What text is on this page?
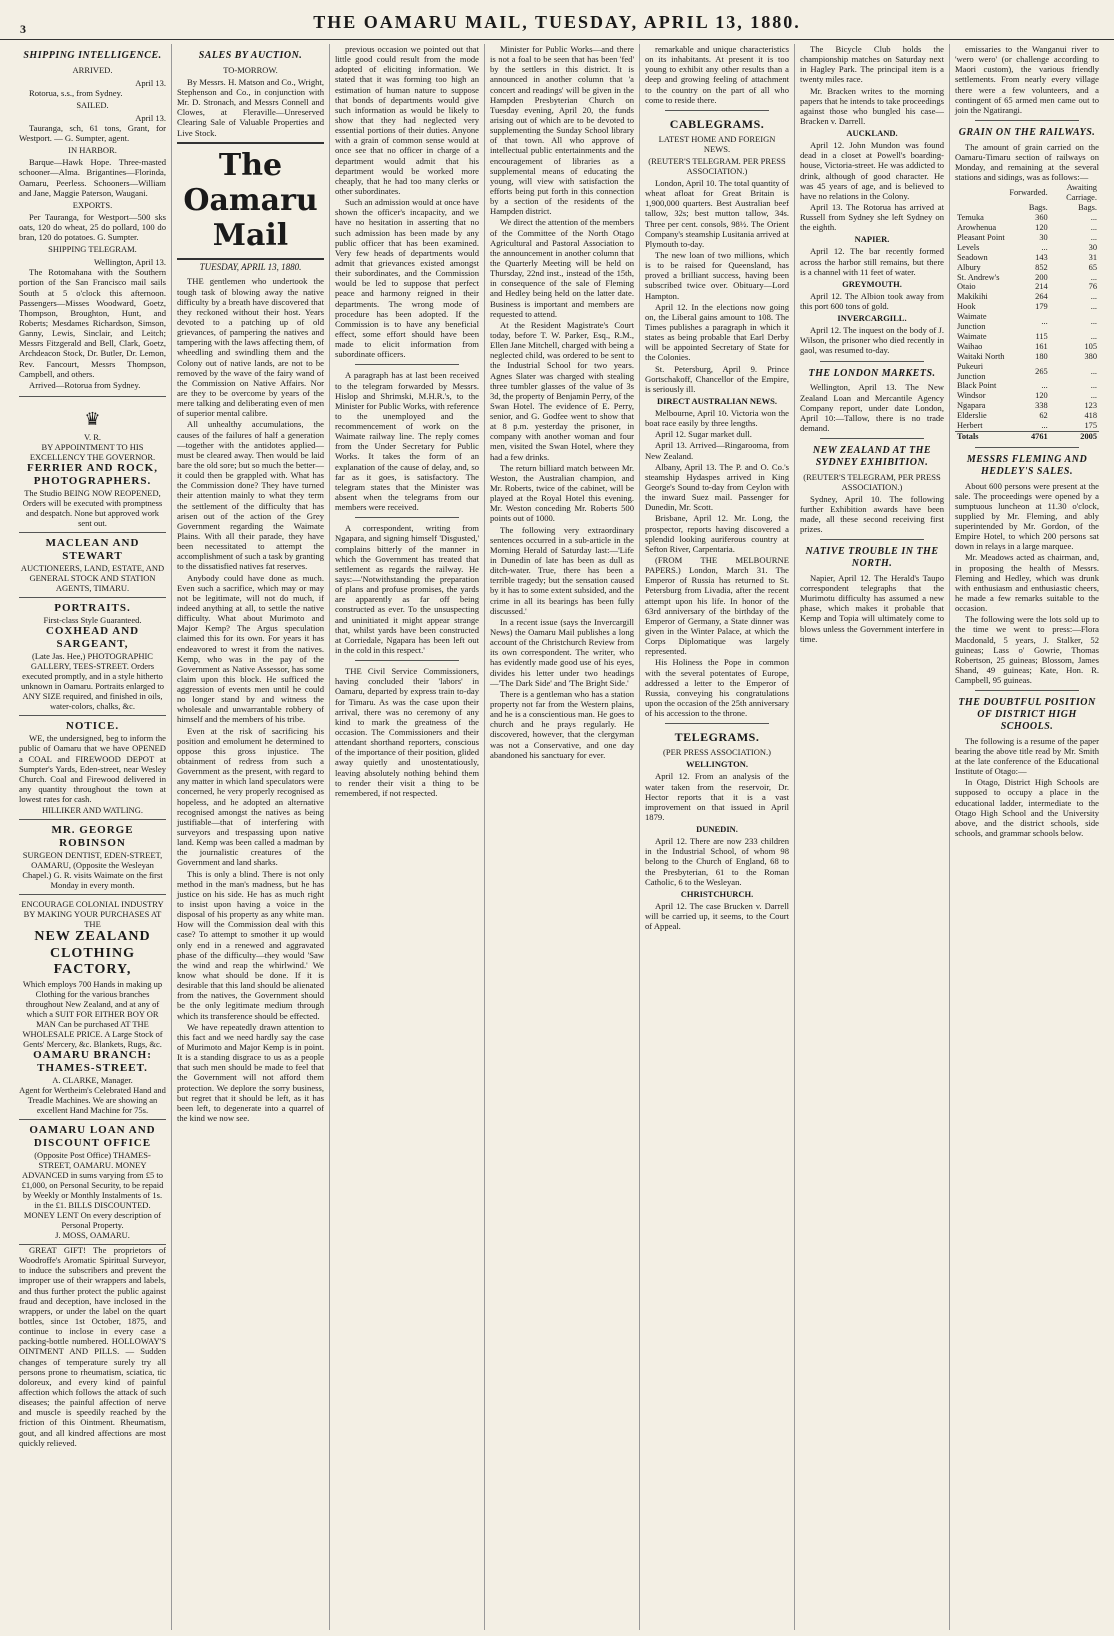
3	THE OAMARU MAIL, TUESDAY, APRIL 13, 1880.
SHIPPING INTELLIGENCE.
ARRIVED.
April 13.

Rotorua, s.s., from Sydney.

SAILED.
April 13.

Tauranga, sch, 61 tons, Grant, for Westport. — G. Sumpter, agent.

IN HARBOR.

Barque—Hawk Hope. Three-masted schooner—Alma. Brigantines—Florinda, Oamaru, Peerless. Schooners—William and Jane, Maggie Paterson, Waugani.

EXPORTS.

Per Tauranga, for Westport—500 sks oats, 120 do wheat, 25 do pollard, 100 do bran, 120 do potatoes. G. Sumpter.

SHIPPING TELEGRAM.
Wellington, April 13.

The Rotomahana with the Southern portion of the San Francisco mail sails South at 5 o'clock this afternoon. Passengers—Misses Woodward, Goetz, Thompson, Broughton, Hunt, and Roberts; Mesdames Richardson, Simson, Ganny, Lewis, Sinclair, and Leitch; Messrs Fitzgerald and Bell, Clark, Goetz, Archdeacon Stock, Dr. Butler, Dr. Lemon, Rev. Fancourt, Messrs Thompson, Campbell, and others.

Arrived—Rotorua from Sydney.

♛
V. R.
BY APPOINTMENT TO HIS EXCELLENCY THE GOVERNOR.
FERRIER AND ROCK, PHOTOGRAPHERS.
The Studio BEING NOW REOPENED, Orders will be executed with promptness and despatch. None but approved work sent out.
MACLEAN AND STEWART
AUCTIONEERS, LAND, ESTATE, AND GENERAL STOCK AND STATION AGENTS, TIMARU.
PORTRAITS.
First-class Style Guaranteed.
COXHEAD AND SARGEANT,
(Late Jas. Hee,) PHOTOGRAPHIC GALLERY, TEES-STREET. Orders executed promptly, and in a style hitherto unknown in Oamaru. Portraits enlarged to ANY SIZE required, and finished in oils, water-colors, chalks, &c.
NOTICE.

WE, the undersigned, beg to inform the public of Oamaru that we have OPENED a COAL and FIREWOOD DEPOT at Sumpter's Yards, Eden-street, near Wesley Church. Coal and Firewood delivered in any quantity throughout the town at lowest rates for cash.

HILLIKER AND WATLING.
MR. GEORGE ROBINSON
SURGEON DENTIST, EDEN-STREET, OAMARU, (Opposite the Wesleyan Chapel.) G. R. visits Waimate on the first Monday in every month.
ENCOURAGE COLONIAL INDUSTRY BY MAKING YOUR PURCHASES AT THE
NEW ZEALAND CLOTHING FACTORY,
Which employs 700 Hands in making up Clothing for the various branches throughout New Zealand, and at any of which a SUIT FOR EITHER BOY OR MAN Can be purchased AT THE WHOLESALE PRICE. A Large Stock of Gents' Mercery, &c. Blankets, Rugs, &c.
OAMARU BRANCH: THAMES-STREET.
A. CLARKE, Manager.
Agent for Wertheim's Celebrated Hand and Treadle Machines. We are showing an excellent Hand Machine for 75s.
OAMARU LOAN AND DISCOUNT OFFICE
(Opposite Post Office) THAMES-STREET, OAMARU. MONEY ADVANCED in sums varying from £5 to £1,000, on Personal Security, to be repaid by Weekly or Monthly Instalments of 1s. in the £1. BILLS DISCOUNTED. MONEY LENT On every description of Personal Property.
J. MOSS, OAMARU.

GREAT GIFT! The proprietors of Woodroffe's Aromatic Spiritual Surveyor, to induce the subscribers and prevent the improper use of their wrappers and labels, and thus further protect the public against fraud and deception, have inclosed in the wrappers, or under the label on the quart bottles, since 1st October, 1875, and continue to inclose in every case a packing-bottle numbered. HOLLOWAY'S OINTMENT AND PILLS. — Sudden changes of temperature surely try all persons prone to rheumatism, sciatica, tic doloreux, and every kind of painful affection which follows the attack of such diseases; the painful affection of nerve and muscle is speedily reached by the friction of this Ointment. Rheumatism, gout, and all kindred affections are most quickly relieved.

SALES BY AUCTION.
TO-MORROW.

By Messrs. H. Matson and Co., Wright, Stephenson and Co., in conjunction with Mr. D. Stronach, and Messrs Connell and Clowes, at Fleraville—Unreserved Clearing Sale of Valuable Properties and Live Stock.

The Oamaru Mail
TUESDAY, APRIL 13, 1880.

THE gentlemen who undertook the tough task of blowing away the native difficulty by a breath have discovered that they reckoned without their host. Years devoted to a patching up of old grievances, of pampering the natives and tampering with the laws affecting them, of wheedling and swindling them and the Colony out of native lands, are not to be removed by the wave of the fairy wand of the Commission on Native Affairs. Nor are they to be overcome by years of the mere talking and deliberating even of men of superior mental calibre.

All unhealthy accumulations, the causes of the failures of half a generation—together with the antidotes applied—must be cleared away. Then would be laid bare the old sore; but so much the better—it could then be grappled with. What has the Commission done? They have turned their attention mainly to what they term the settlement of the difficulty that has arisen out of the action of the Grey Government regarding the Waimate Plains. With all their parade, they have been necessitated to attempt the accomplishment of such a task by granting to the dissatisfied natives fat reserves.

Anybody could have done as much. Even such a sacrifice, which may or may not be legitimate, will not do much, if indeed anything at all, to settle the native difficulty. What about Murimoto and Major Kemp? The Argus speculation claimed this for its own. For years it has endeavored to wrest it from the natives. Kemp, who was in the pay of the Government as Native Assessor, has some claim upon this block. He sufficed the aggression of events men until he could no longer stand by and witness the wholesale and unwarrantable robbery of himself and the members of his tribe.

Even at the risk of sacrificing his position and emolument he determined to oppose this gross injustice. The obtainment of redress from such a Government as the present, with regard to any matter in which land speculators were concerned, he very properly recognised as hopeless, and he adopted an alternative recognised amongst the natives as being justifiable—that of interfering with surveyors and trespassing upon native land. Kemp was been called a madman by the journalistic creatures of the Government and land sharks.

This is only a blind. There is not only method in the man's madness, but he has justice on his side. He has as much right to insist upon having a voice in the disposal of his property as any white man. How will the Commission deal with this case? To attempt to smother it up would only end in a renewed and aggravated phase of the difficulty—they would 'Saw the wind and reap the whirlwind.' We know what should be done. If it is desirable that this land should be alienated from the natives, the Government should be the only legitimate medium through which its transference should be effected.

We have repeatedly drawn attention to this fact and we need hardly say the case of Murimoto and Major Kemp is in point. It is a standing disgrace to us as a people that such men should be made to feel that the Government will not afford them protection. We deplore the sorry business, but regret that it should be left, as it has been left, to degenerate into a quarrel of the kind we now see.

previous occasion we pointed out that little good could result from the mode adopted of eliciting information. We stated that it was forming too high an estimation of human nature to suppose that bonds of departments would give such information as would be likely to show that they had neglected very essential portions of their duties. Anyone with a grain of common sense would at once see that no officer in charge of a department would admit that his department would be worked more cheaply, that he had too many clerks or other subordinates.

Such an admission would at once have shown the officer's incapacity, and we have no hesitation in asserting that no such admission has been made by any public officer that has been examined. Very few heads of departments would admit that grievances existed amongst their subordinates, and the Commission would be led to suppose that perfect peace and harmony reigned in their departments. The wrong mode of procedure has been adopted. If the Commission is to have any beneficial effect, some effort should have been made to elicit information from subordinate officers.

A paragraph has at last been received to the telegram forwarded by Messrs. Hislop and Shrimski, M.H.R.'s, to the Minister for Public Works, with reference to the unemployed and the recommencement of work on the Waimate railway line. The reply comes from the Under Secretary for Public Works. It takes the form of an explanation of the cause of delay, and, so far as it goes, is satisfactory. The telegram states that the Minister was absent when the telegrams from our members were received.

A correspondent, writing from Ngapara, and signing himself 'Disgusted,' complains bitterly of the manner in which the Government has treated that settlement as regards the railway. He says:—'Notwithstanding the preparation of plans and profuse promises, the yards are apparently as far off being constructed as ever. To the unsuspecting and uninitiated it might appear strange that, whilst yards have been constructed at Corriedale, Ngapara has been left out in the cold in this respect.'

THE Civil Service Commissioners, having concluded their 'labors' in Oamaru, departed by express train to-day for Timaru. As was the case upon their arrival, there was no ceremony of any kind to mark the greatness of the occasion. The Commissioners and their attendant shorthand reporters, conscious of the importance of their position, glided away quietly and unostentatiously, leaving absolutely nothing behind them to render their visit a thing to be remembered, if not respected.

Minister for Public Works—and there is not a foal to be seen that has been 'fed' by the settlers in this district. It is announced in another column that 'a concert and readings' will be given in the Hampden Presbyterian Church on Tuesday evening, April 20, the funds arising out of which are to be devoted to supplementing the Sunday School library of that town. All who approve of intellectual public entertainments and the encouragement of libraries as a supplemental means of educating the young, will view with satisfaction the efforts being put forth in this connection by a section of the residents of the Hampden district.

We direct the attention of the members of the Committee of the North Otago Agricultural and Pastoral Association to the announcement in another column that the Quarterly Meeting will be held on Thursday, 22nd inst., instead of the 15th, in consequence of the sale of Fleming and Hedley being held on the latter date. Business is important and members are requested to attend.

At the Resident Magistrate's Court today, before T. W. Parker, Esq., R.M., Ellen Jane Mitchell, charged with being a neglected child, was ordered to be sent to the Industrial School for two years. Agnes Slater was charged with stealing three tumbler glasses of the value of 3s 3d, the property of Benjamin Perry, of the Swan Hotel. The evidence of E. Perry, senior, and G. Godfee went to show that at 8 p.m. yesterday the prisoner, in company with another woman and four men, visited the Swan Hotel, where they had a few drinks.

The return billiard match between Mr. Weston, the Australian champion, and Mr. Roberts, twice of the cabinet, will be played at the Royal Hotel this evening. Mr. Weston conceding Mr. Roberts 500 points out of 1000.

The following very extraordinary sentences occurred in a sub-article in the Morning Herald of Saturday last:—'Life in Dunedin of late has been as dull as ditch-water. True, there has been a terrible tragedy; but the sensation caused by it has to some extent subsided, and the crime in all its bearings has been fully discussed.'

In a recent issue (says the Invercargill News) the Oamaru Mail publishes a long account of the Christchurch Review from its own correspondent. The writer, who has evidently made good use of his eyes, divides his letter under two headings—'The Dark Side' and 'The Bright Side.'

There is a gentleman who has a station property not far from the Western plains, and he is a conscientious man. He goes to church and he prays regularly. He discovered, however, that the clergyman was not a Conservative, and one day abandoned his sanctuary for ever.

remarkable and unique characteristics on its inhabitants. At present it is too young to exhibit any other results than a deep and growing feeling of attachment to the country on the part of all who come to reside there.

CABLEGRAMS.
LATEST HOME AND FOREIGN NEWS.
(REUTER'S TELEGRAM. PER PRESS ASSOCIATION.)

London, April 10. The total quantity of wheat afloat for Great Britain is 1,900,000 quarters. Best Australian beef tallow, 32s; best mutton tallow, 34s. Three per cent. consols, 98½. The Orient Company's steamship Lusitania arrived at Plymouth to-day.

The new loan of two millions, which is to be raised for Queensland, has proved a brilliant success, having been subscribed twice over. Obituary—Lord Hampton.

April 12. In the elections now going on, the Liberal gains amount to 108. The Times publishes a paragraph in which it states as being probable that Earl Derby will be appointed Secretary of State for the Colonies.

St. Petersburg, April 9. Prince Gortschakoff, Chancellor of the Empire, is seriously ill.

DIRECT AUSTRALIAN NEWS.

Melbourne, April 10. Victoria won the boat race easily by three lengths.

April 12. Sugar market dull.

April 13. Arrived—Ringarooma, from New Zealand.

Albany, April 13. The P. and O. Co.'s steamship Hydaspes arrived in King George's Sound to-day from Ceylon with the inward Suez mail. Passenger for Dunedin, Mr. Scott.

Brisbane, April 12. Mr. Long, the prospector, reports having discovered a splendid looking auriferous country at Sefton River, Carpentaria.

(FROM THE MELBOURNE PAPERS.) London, March 31. The Emperor of Russia has returned to St. Petersburg from Livadia, after the recent attempt upon his life. In honor of the 63rd anniversary of the birthday of the Emperor of Germany, a State dinner was given in the Winter Palace, at which the Corps Diplomatique was largely represented.

His Holiness the Pope in common with the several potentates of Europe, addressed a letter to the Emperor of Russia, conveying his congratulations upon the occasion of the 25th anniversary of his accession to the throne.

TELEGRAMS.
(PER PRESS ASSOCIATION.)
WELLINGTON.

April 12. From an analysis of the water taken from the reservoir, Dr. Hector reports that it is a vast improvement on that issued in April 1879.

DUNEDIN.

April 12. There are now 233 children in the Industrial School, of whom 98 belong to the Church of England, 68 to the Presbyterian, 61 to the Roman Catholic, 6 to the Wesleyan.

CHRISTCHURCH.

April 12. The case Brucken v. Darrell will be carried up, it seems, to the Court of Appeal.

The Bicycle Club holds the championship matches on Saturday next in Hagley Park. The principal item is a twenty miles race.

Mr. Bracken writes to the morning papers that he intends to take proceedings against those who bungled his case—Bracken v. Darrell.

AUCKLAND.

April 12. John Mundon was found dead in a closet at Powell's boarding-house, Victoria-street. He was addicted to drink, although of good character. He was 45 years of age, and is believed to have no relations in the Colony.

April 13. The Rotorua has arrived at Russell from Sydney she left Sydney on the eighth.

NAPIER.

April 12. The bar recently formed across the harbor still remains, but there is a channel with 11 feet of water.

GREYMOUTH.

April 12. The Albion took away from this port 600 tons of gold.

INVERCARGILL.

April 12. The inquest on the body of J. Wilson, the prisoner who died recently in gaol, was resumed to-day.

THE LONDON MARKETS.

Wellington, April 13. The New Zealand Loan and Mercantile Agency Company report, under date London, April 10:—Tallow, there is no trade demand.

NEW ZEALAND AT THE SYDNEY EXHIBITION.
(REUTER'S TELEGRAM, PER PRESS ASSOCIATION.)

Sydney, April 10. The following further Exhibition awards have been made, all these second receiving first prizes.

NATIVE TROUBLE IN THE NORTH.

Napier, April 12. The Herald's Taupo correspondent telegraphs that the Murimotu difficulty has assumed a new phase, which makes it probable that Kemp and Topia will ultimately come to blows unless the Government interfere in time.

emissaries to the Wanganui river to 'wero wero' (or challenge according to Maori custom), the various friendly settlements. From nearly every village there were a few volunteers, and a contingent of 65 armed men came out to join the Ngatirangi.

GRAIN ON THE RAILWAYS.

The amount of grain carried on the Oamaru-Timaru section of railways on Monday, and remaining at the several stations and sidings, was as follows:—

	Forwarded.	Awaiting Carriage.
	Bags.	Bags.
Temuka	360	...
Arowhenua	120	...
Pleasant Point	30	...
Levels	...	30
Seadown	143	31
Albury	852	65
St. Andrew's	200	...
Otaio	214	76
Makikihi	264	...
Hook	179	...
Waimate Junction	...	...
Waimate	115	...
Waihao	161	105
Waitaki North	180	380
Pukeuri Junction	265	...
Black Point	...	...
Windsor	120	...
Ngapara	338	123
Elderslie	62	418
Herbert	...	175
Totals	4761	2005
MESSRS FLEMING AND HEDLEY'S SALES.

About 600 persons were present at the sale. The proceedings were opened by a sumptuous luncheon at 11.30 o'clock, supplied by Mr. Fleming, and ably superintended by Mr. Gordon, of the Empire Hotel, to which 200 persons sat down in relays in a large marquee.

Mr. Meadows acted as chairman, and, in proposing the health of Messrs. Fleming and Hedley, which was drunk with enthusiasm and enthusiastic cheers, he made a few remarks suitable to the occasion.

The following were the lots sold up to the time we went to press:—Flora Macdonald, 5 years, J. Stalker, 52 guineas; Lass o' Gowrie, Thomas Robertson, 25 guineas; Blossom, James Shand, 49 guineas; Kate, Hon. R. Campbell, 95 guineas.

THE DOUBTFUL POSITION OF DISTRICT HIGH SCHOOLS.

The following is a resume of the paper bearing the above title read by Mr. Smith at the late conference of the Educational Institute of Otago:—

In Otago, District High Schools are supposed to occupy a place in the educational ladder, intermediate to the Otago High School and the University above, and the district schools, side schools, and grammar schools below.
